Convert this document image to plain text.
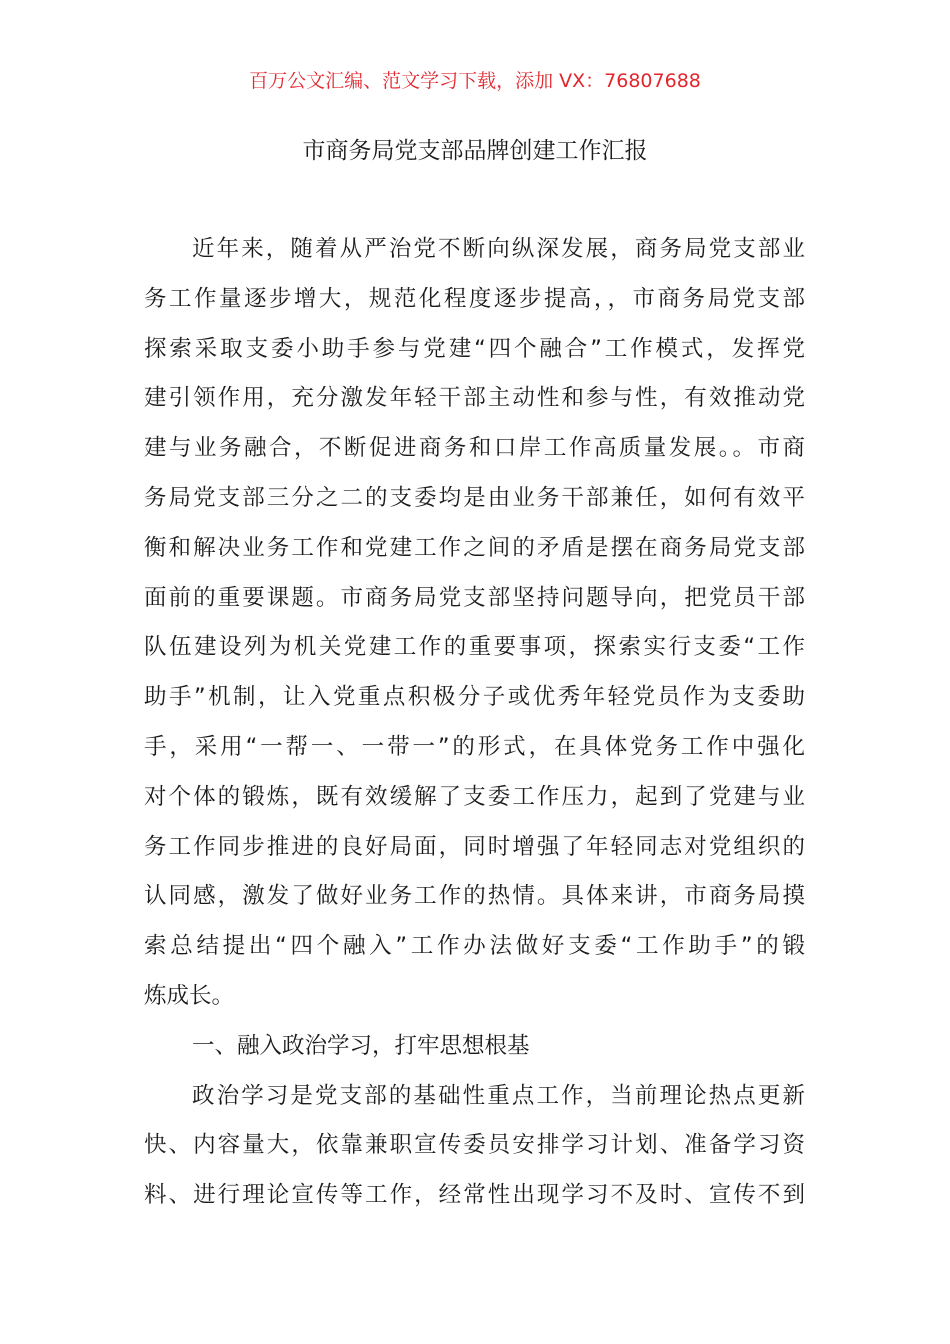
百万公文汇编、范文学习下载，添加 VX：76807688
市商务局党支部品牌创建工作汇报
近年来，随着从严治党不断向纵深发展，商务局党支部业
务工作量逐步增大，规范化程度逐步提高，，市商务局党支部
探索采取支委小助手参与党建“四个融合”工作模式，发挥党
建引领作用，充分激发年轻干部主动性和参与性，有效推动党
建与业务融合，不断促进商务和口岸工作高质量发展。。市商
务局党支部三分之二的支委均是由业务干部兼任，如何有效平
衡和解决业务工作和党建工作之间的矛盾是摆在商务局党支部
面前的重要课题。市商务局党支部坚持问题导向，把党员干部
队伍建设列为机关党建工作的重要事项，探索实行支委“工作
助手”机制，让入党重点积极分子或优秀年轻党员作为支委助
手，采用“一帮一、一带一”的形式，在具体党务工作中强化
对个体的锻炼，既有效缓解了支委工作压力，起到了党建与业
务工作同步推进的良好局面，同时增强了年轻同志对党组织的
认同感，激发了做好业务工作的热情。具体来讲，市商务局摸
索总结提出“四个融入”工作办法做好支委“工作助手”的锻
炼成长。
一、融入政治学习，打牢思想根基
政治学习是党支部的基础性重点工作，当前理论热点更新
快、内容量大，依靠兼职宣传委员安排学习计划、准备学习资
料、进行理论宣传等工作，经常性出现学习不及时、宣传不到
